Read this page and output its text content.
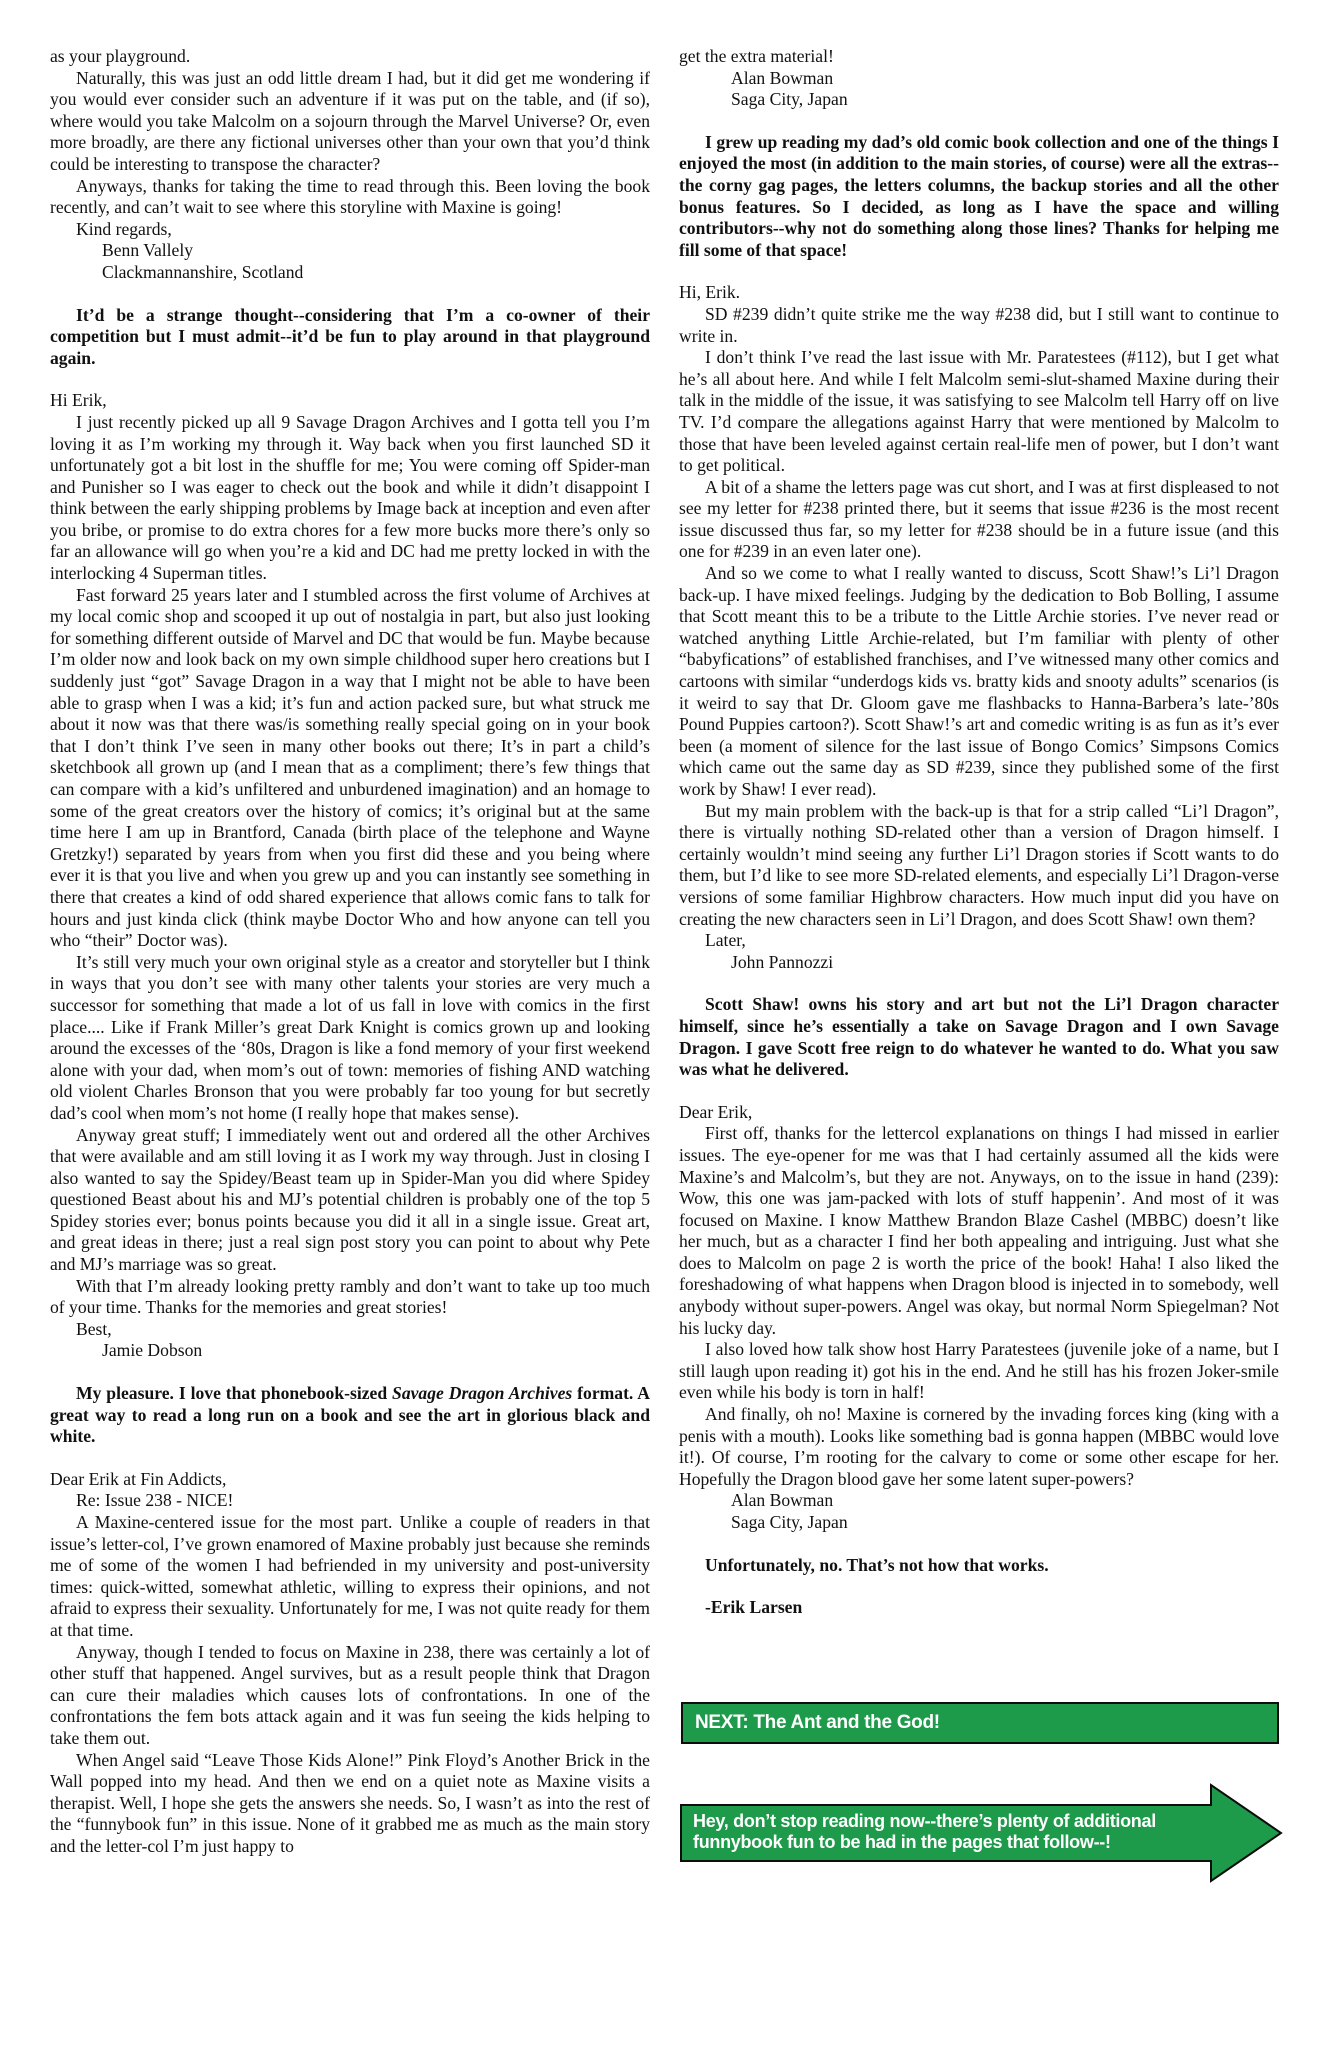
as your playground.

Naturally, this was just an odd little dream I had, but it did get me wondering if you would ever consider such an adventure if it was put on the table, and (if so), where would you take Malcolm on a sojourn through the Marvel Universe? Or, even more broadly, are there any fictional universes other than your own that you’d think could be interesting to transpose the character?

Anyways, thanks for taking the time to read through this. Been loving the book recently, and can’t wait to see where this storyline with Maxine is going!

Kind regards,

Benn Vallely

Clackmannanshire, Scotland

It’d be a strange thought--considering that I’m a co-owner of their competition but I must admit--it’d be fun to play around in that playground again.

Hi Erik,

I just recently picked up all 9 Savage Dragon Archives and I gotta tell you I’m loving it as I’m working my through it. Way back when you first launched SD it unfortunately got a bit lost in the shuffle for me; You were coming off Spider-man and Punisher so I was eager to check out the book and while it didn’t disappoint I think between the early shipping problems by Image back at inception and even after you bribe, or promise to do extra chores for a few more bucks more there’s only so far an allowance will go when you’re a kid and DC had me pretty locked in with the interlocking 4 Superman titles.

Fast forward 25 years later and I stumbled across the first volume of Archives at my local comic shop and scooped it up out of nostalgia in part, but also just looking for something different outside of Marvel and DC that would be fun. Maybe because I’m older now and look back on my own simple childhood super hero creations but I suddenly just “got” Savage Dragon in a way that I might not be able to have been able to grasp when I was a kid; it’s fun and action packed sure, but what struck me about it now was that there was/is something really special going on in your book that I don’t think I’ve seen in many other books out there; It’s in part a child’s sketchbook all grown up (and I mean that as a compliment; there’s few things that can compare with a kid’s unfiltered and unburdened imagination) and an homage to some of the great creators over the history of comics; it’s original but at the same time here I am up in Brantford, Canada (birth place of the telephone and Wayne Gretzky!) separated by years from when you first did these and you being where ever it is that you live and when you grew up and you can instantly see something in there that creates a kind of odd shared experience that allows comic fans to talk for hours and just kinda click (think maybe Doctor Who and how anyone can tell you who “their” Doctor was).

It’s still very much your own original style as a creator and storyteller but I think in ways that you don’t see with many other talents your stories are very much a successor for something that made a lot of us fall in love with comics in the first place.... Like if Frank Miller’s great Dark Knight is comics grown up and looking around the excesses of the ‘80s, Dragon is like a fond memory of your first weekend alone with your dad, when mom’s out of town: memories of fishing AND watching old violent Charles Bronson that you were probably far too young for but secretly dad’s cool when mom’s not home (I really hope that makes sense).

Anyway great stuff; I immediately went out and ordered all the other Archives that were available and am still loving it as I work my way through. Just in closing I also wanted to say the Spidey/Beast team up in Spider-Man you did where Spidey questioned Beast about his and MJ’s potential children is probably one of the top 5 Spidey stories ever; bonus points because you did it all in a single issue. Great art, and great ideas in there; just a real sign post story you can point to about why Pete and MJ’s marriage was so great.

With that I’m already looking pretty rambly and don’t want to take up too much of your time. Thanks for the memories and great stories!

Best,

Jamie Dobson

My pleasure. I love that phonebook-sized Savage Dragon Archives format. A great way to read a long run on a book and see the art in glorious black and white.

Dear Erik at Fin Addicts,

Re: Issue 238 - NICE!

A Maxine-centered issue for the most part. Unlike a couple of readers in that issue’s letter-col, I’ve grown enamored of Maxine probably just because she reminds me of some of the women I had befriended in my university and post-university times: quick-witted, somewhat athletic, willing to express their opinions, and not afraid to express their sexuality. Unfortunately for me, I was not quite ready for them at that time.

Anyway, though I tended to focus on Maxine in 238, there was certainly a lot of other stuff that happened. Angel survives, but as a result people think that Dragon can cure their maladies which causes lots of confrontations. In one of the confrontations the fem bots attack again and it was fun seeing the kids helping to take them out.

When Angel said “Leave Those Kids Alone!” Pink Floyd’s Another Brick in the Wall popped into my head. And then we end on a quiet note as Maxine visits a therapist. Well, I hope she gets the answers she needs. So, I wasn’t as into the rest of the “funnybook fun” in this issue. None of it grabbed me as much as the main story and the letter-col I’m just happy to

get the extra material!

Alan Bowman

Saga City, Japan

I grew up reading my dad’s old comic book collection and one of the things I enjoyed the most (in addition to the main stories, of course) were all the extras--the corny gag pages, the letters columns, the backup stories and all the other bonus features. So I decided, as long as I have the space and willing contributors--why not do something along those lines? Thanks for helping me fill some of that space!

Hi, Erik.

SD #239 didn’t quite strike me the way #238 did, but I still want to continue to write in.

I don’t think I’ve read the last issue with Mr. Paratestees (#112), but I get what he’s all about here. And while I felt Malcolm semi-slut-shamed Maxine during their talk in the middle of the issue, it was satisfying to see Malcolm tell Harry off on live TV. I’d compare the allegations against Harry that were mentioned by Malcolm to those that have been leveled against certain real-life men of power, but I don’t want to get political.

A bit of a shame the letters page was cut short, and I was at first displeased to not see my letter for #238 printed there, but it seems that issue #236 is the most recent issue discussed thus far, so my letter for #238 should be in a future issue (and this one for #239 in an even later one).

And so we come to what I really wanted to discuss, Scott Shaw!’s Li’l Dragon back-up. I have mixed feelings. Judging by the dedication to Bob Bolling, I assume that Scott meant this to be a tribute to the Little Archie stories. I’ve never read or watched anything Little Archie-related, but I’m familiar with plenty of other “babyfications” of established franchises, and I’ve witnessed many other comics and cartoons with similar “underdogs kids vs. bratty kids and snooty adults” scenarios (is it weird to say that Dr. Gloom gave me flashbacks to Hanna-Barbera’s late-’80s Pound Puppies cartoon?). Scott Shaw!’s art and comedic writing is as fun as it’s ever been (a moment of silence for the last issue of Bongo Comics’ Simpsons Comics which came out the same day as SD #239, since they published some of the first work by Shaw! I ever read).

But my main problem with the back-up is that for a strip called “Li’l Dragon”, there is virtually nothing SD-related other than a version of Dragon himself. I certainly wouldn’t mind seeing any further Li’l Dragon stories if Scott wants to do them, but I’d like to see more SD-related elements, and especially Li’l Dragon-verse versions of some familiar Highbrow characters. How much input did you have on creating the new characters seen in Li’l Dragon, and does Scott Shaw! own them?

Later,

John Pannozzi

Scott Shaw! owns his story and art but not the Li’l Dragon character himself, since he’s essentially a take on Savage Dragon and I own Savage Dragon. I gave Scott free reign to do whatever he wanted to do. What you saw was what he delivered.

Dear Erik,

First off, thanks for the lettercol explanations on things I had missed in earlier issues. The eye-opener for me was that I had certainly assumed all the kids were Maxine’s and Malcolm’s, but they are not. Anyways, on to the issue in hand (239): Wow, this one was jam-packed with lots of stuff happenin’. And most of it was focused on Maxine. I know Matthew Brandon Blaze Cashel (MBBC) doesn’t like her much, but as a character I find her both appealing and intriguing. Just what she does to Malcolm on page 2 is worth the price of the book! Haha! I also liked the foreshadowing of what happens when Dragon blood is injected in to somebody, well anybody without super-powers. Angel was okay, but normal Norm Spiegelman? Not his lucky day.

I also loved how talk show host Harry Paratestees (juvenile joke of a name, but I still laugh upon reading it) got his in the end. And he still has his frozen Joker-smile even while his body is torn in half!

And finally, oh no! Maxine is cornered by the invading forces king (king with a penis with a mouth). Looks like something bad is gonna happen (MBBC would love it!). Of course, I’m rooting for the calvary to come or some other escape for her. Hopefully the Dragon blood gave her some latent super-powers?

Alan Bowman

Saga City, Japan

Unfortunately, no. That’s not how that works.

-Erik Larsen

NEXT: The Ant and the God!
Hey, don’t stop reading now--there’s plenty of additional funnybook fun to be had in the pages that follow--!
